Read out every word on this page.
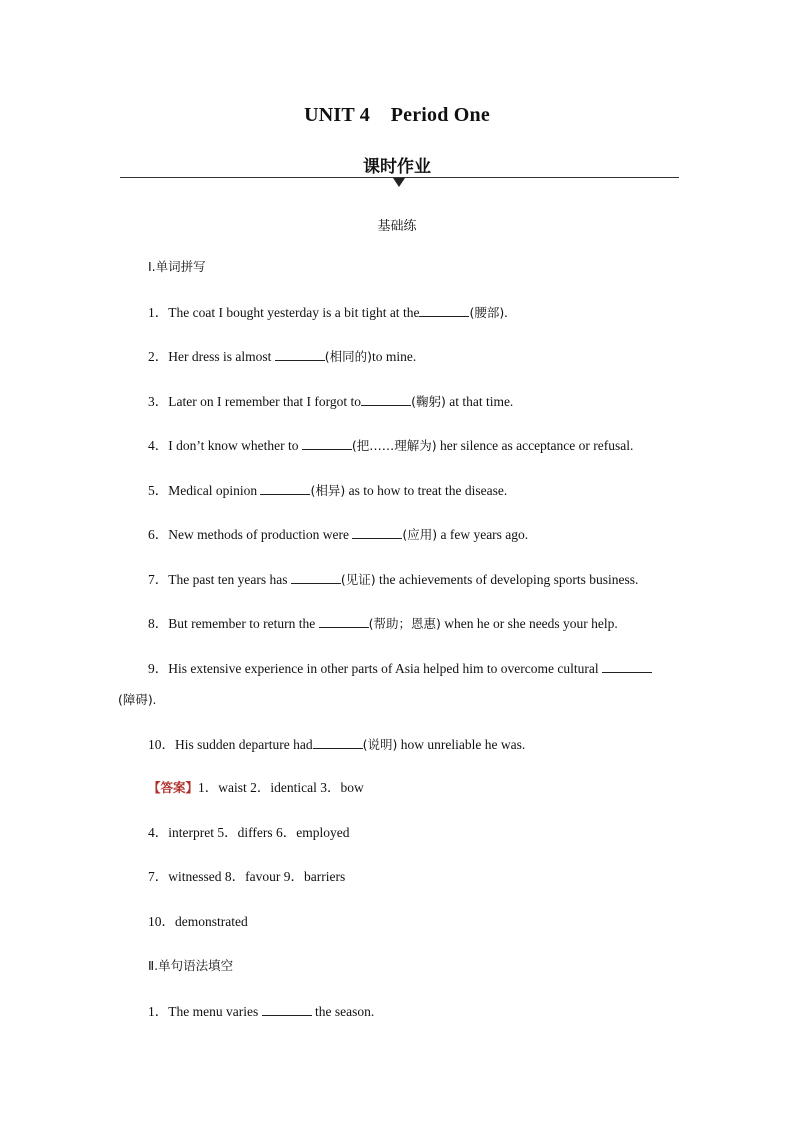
UNIT 4    Period One
课时作业
基础练
Ⅰ.单词拼写
1．The coat I bought yesterday is a bit tight at the	(腰部).
2．Her dress is almost	(相同的)to mine.
3．Later on I remember that I forgot to	(鞠躬) at that time.
4．I don’t know whether to	(把……理解为) her silence as acceptance or refusal.
5．Medical opinion	(相异) as to how to treat the disease.
6．New methods of production were	(应用) a few years ago.
7．The past ten years has	(见证) the achievements of developing sports business.
8．But remember to return the	(帮助；恩惠) when he or she needs your help.
9．His extensive experience in other parts of Asia helped him to overcome cultural
(障碍).
10．His sudden departure had	(说明) how unreliable he was.
【答案】1．waist 2．identical 3．bow
4．interpret 5．differs 6．employed
7．witnessed 8．favour 9．barriers
10．demonstrated
Ⅱ.单句语法填空
1．The menu varies	the season.
